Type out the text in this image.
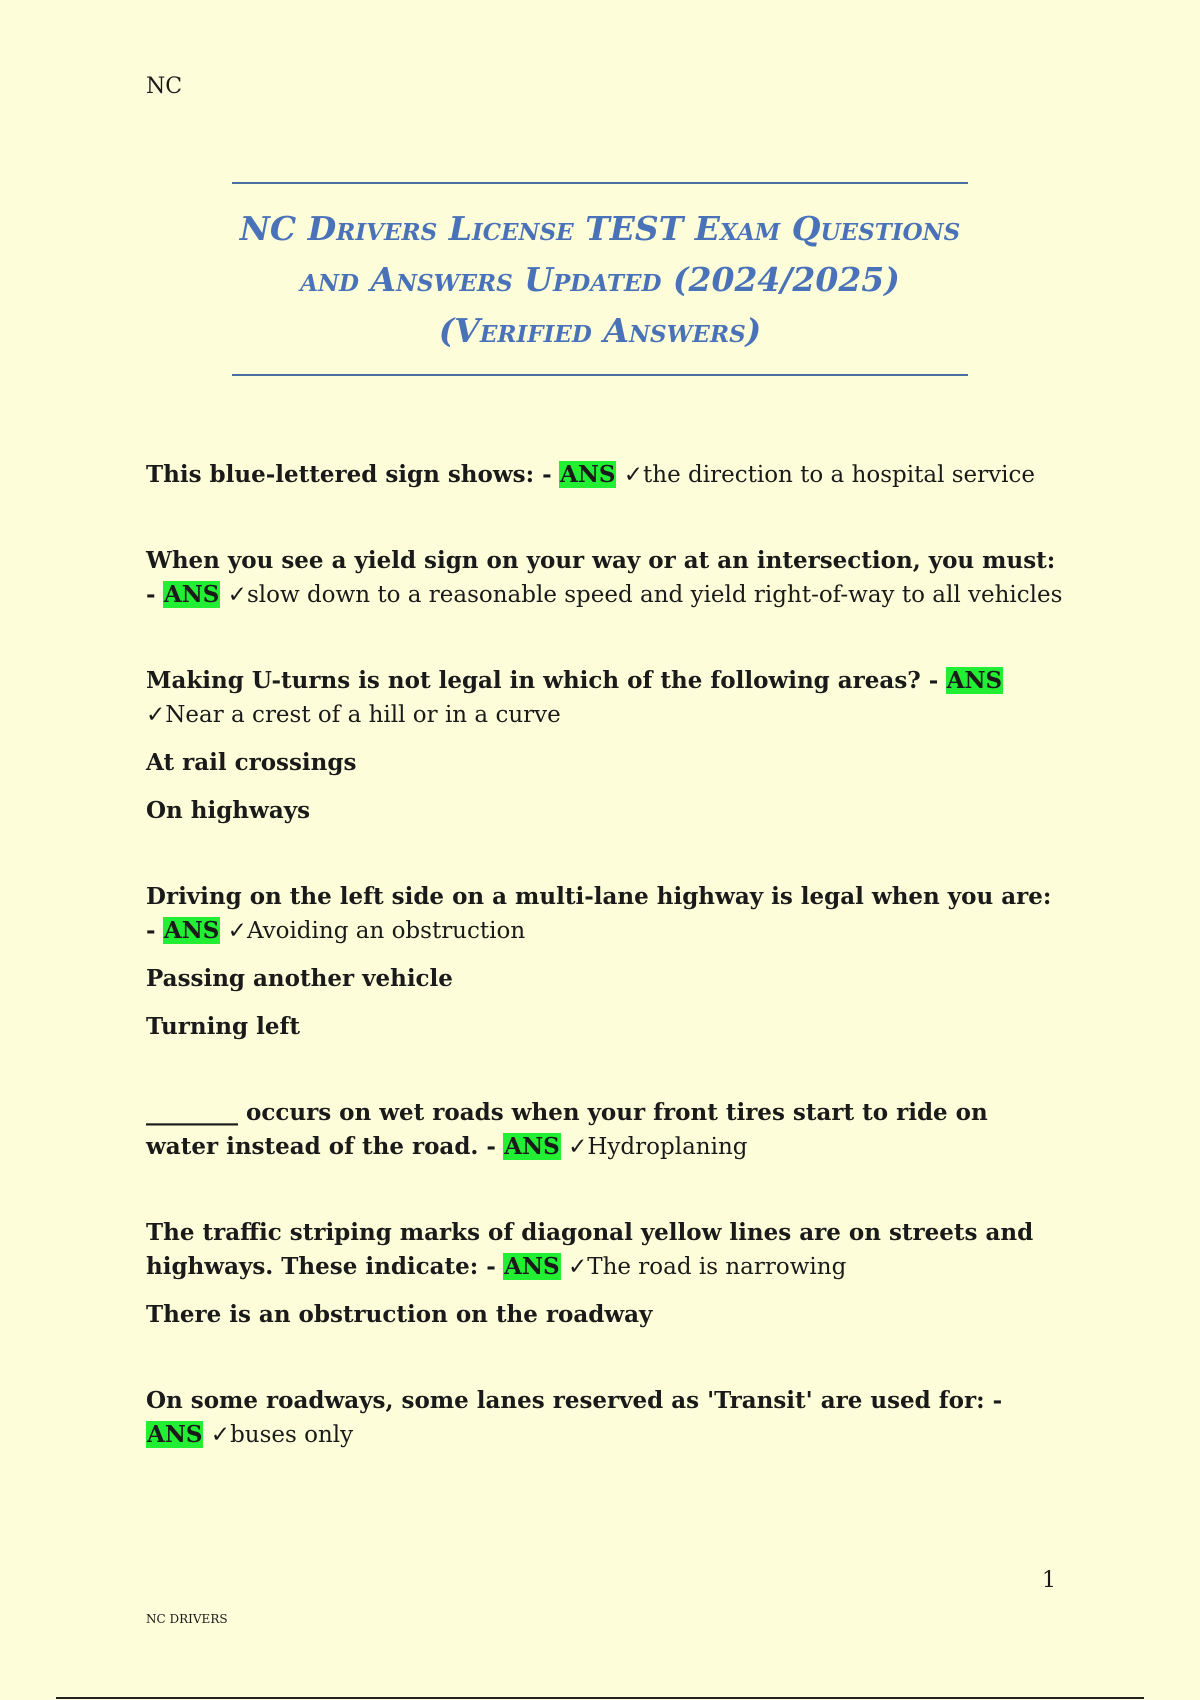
NC
NC Drivers License TEST Exam Questions
and Answers Updated (2024/2025)
(Verified Answers)

This blue-lettered sign shows: - ANS ✓the direction to a hospital service

When you see a yield sign on your way or at an intersection, you must: - ANS ✓slow down to a reasonable speed and yield right-of-way to all vehicles

Making U-turns is not legal in which of the following areas? - ANS ✓Near a crest of a hill or in a curve

At rail crossings

On highways

Driving on the left side on a multi-lane highway is legal when you are: - ANS ✓Avoiding an obstruction

Passing another vehicle

Turning left

________ occurs on wet roads when your front tires start to ride on water instead of the road. - ANS ✓Hydroplaning

The traffic striping marks of diagonal yellow lines are on streets and highways. These indicate: - ANS ✓The road is narrowing

There is an obstruction on the roadway

On some roadways, some lanes reserved as 'Transit' are used for: - ANS ✓buses only

1
NC DRIVERS
